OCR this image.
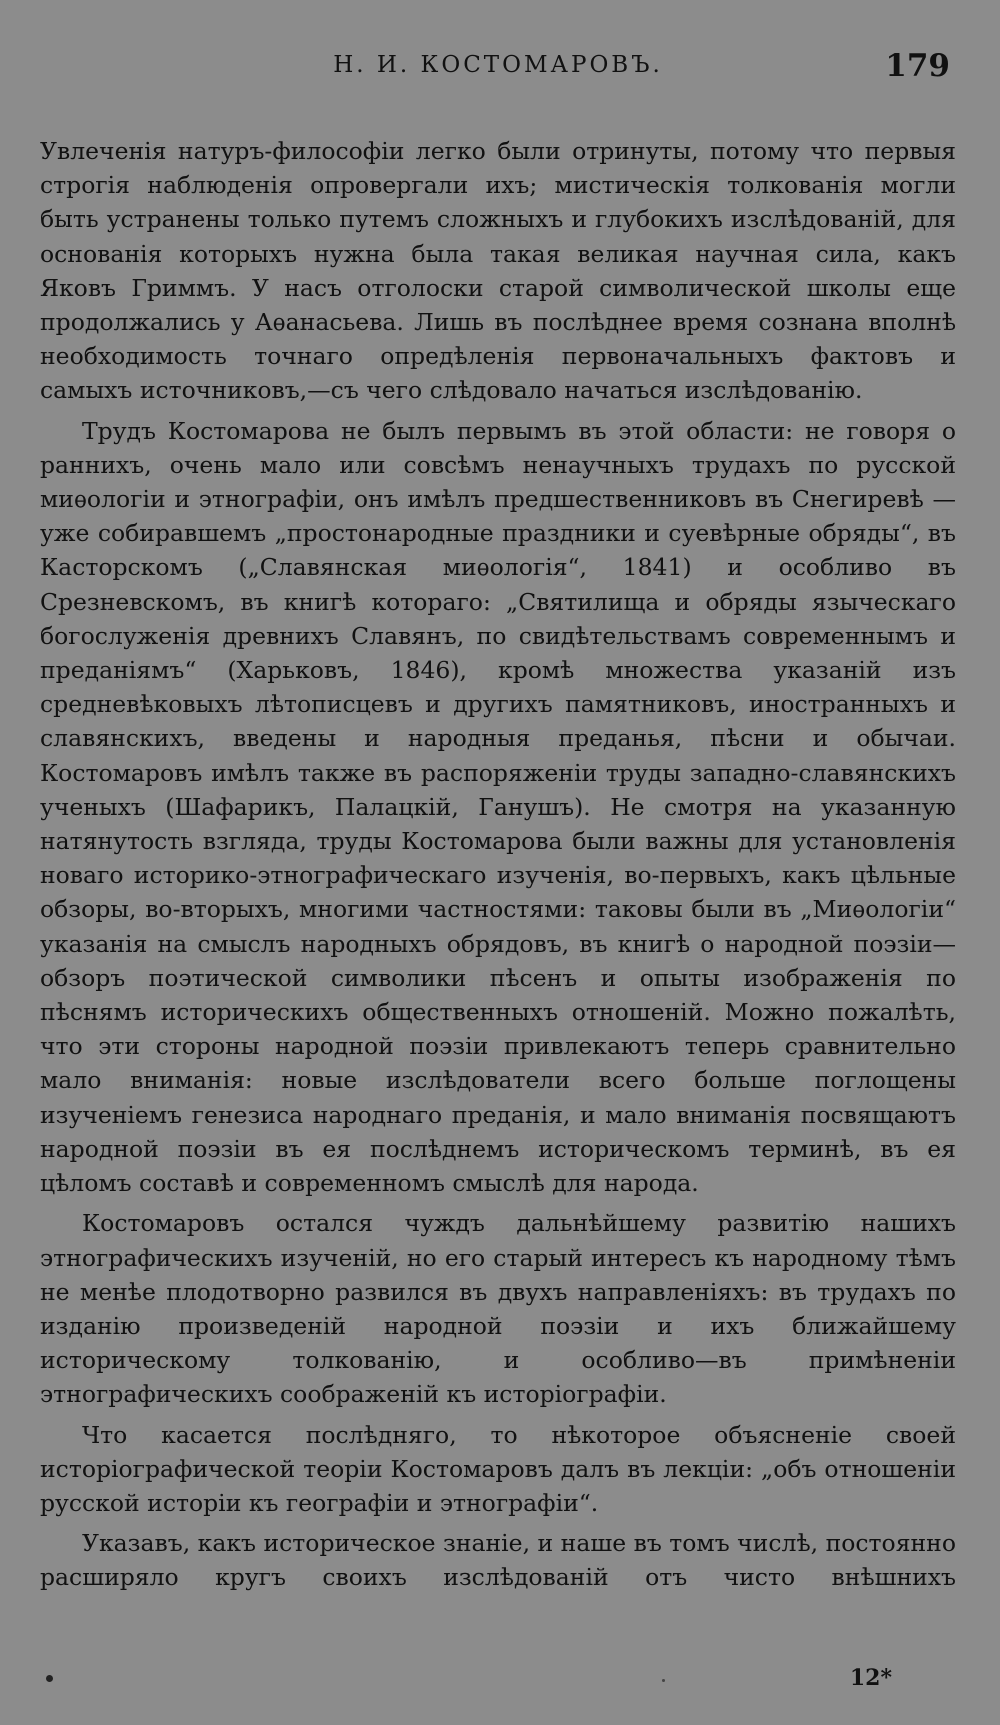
Н. И. КОСТОМАРОВЪ.	179

Увлеченія натуръ-философіи легко были отринуты, потому что первыя строгія наблюденія опровергали ихъ; мистическія толкованія могли быть устранены только путемъ сложныхъ и глубокихъ изслѣдованій, для основанія которыхъ нужна была такая великая научная сила, какъ Яковъ Гриммъ. У насъ отголоски старой символической школы еще продолжались у Аѳанасьева. Лишь въ послѣднее время сознана вполнѣ необходимость точнаго опредѣленія первоначальныхъ фактовъ и самыхъ источниковъ,—съ чего слѣдовало начаться изслѣдованію.

Трудъ Костомарова не былъ первымъ въ этой области: не говоря о раннихъ, очень мало или совсѣмъ ненаучныхъ трудахъ по русской миѳологіи и этнографіи, онъ имѣлъ предшественниковъ въ Снегиревѣ —уже собиравшемъ „простонародные праздники и суевѣрные обряды“, въ Касторскомъ („Славянская миѳологія“, 1841) и особливо въ Срезневскомъ, въ книгѣ котораго: „Святилища и обряды языческаго богослуженія древнихъ Славянъ, по свидѣтельствамъ современнымъ и преданіямъ“ (Харьковъ, 1846), кромѣ множества указаній изъ средневѣковыхъ лѣтописцевъ и другихъ памятниковъ, иностранныхъ и славянскихъ, введены и народныя преданья, пѣсни и обычаи. Костомаровъ имѣлъ также въ распоряженіи труды западно-славянскихъ ученыхъ (Шафарикъ, Палацкій, Ганушъ). Не смотря на указанную натянутость взгляда, труды Костомарова были важны для установленія новаго историко-этнографическаго изученія, во-первыхъ, какъ цѣльные обзоры, во-вторыхъ, многими частностями: таковы были въ „Миѳологіи“ указанія на смыслъ народныхъ обрядовъ, въ книгѣ о народной поэзіи—обзоръ поэтической символики пѣсенъ и опыты изображенія по пѣснямъ историческихъ общественныхъ отношеній. Можно пожалѣть, что эти стороны народной поэзіи привлекаютъ теперь сравнительно мало вниманія: новые изслѣдователи всего больше поглощены изученіемъ генезиса народнаго преданія, и мало вниманія посвящаютъ народной поэзіи въ ея послѣднемъ историческомъ терминѣ, въ ея цѣломъ составѣ и современномъ смыслѣ для народа.

Костомаровъ остался чуждъ дальнѣйшему развитію нашихъ этнографическихъ изученій, но его старый интересъ къ народному тѣмъ не менѣе плодотворно развился въ двухъ направленіяхъ: въ трудахъ по изданію произведеній народной поэзіи и ихъ ближайшему историческому толкованію, и особливо—въ примѣненіи этнографическихъ соображеній къ исторіографіи.

Что касается послѣдняго, то нѣкоторое объясненіе своей исторіографической теоріи Костомаровъ далъ въ лекціи: „объ отношеніи русской исторіи къ географіи и этнографіи“.

Указавъ, какъ историческое знаніе, и наше въ томъ числѣ, постоянно расширяло кругъ своихъ изслѣдованій отъ чисто внѣшнихъ

12*
